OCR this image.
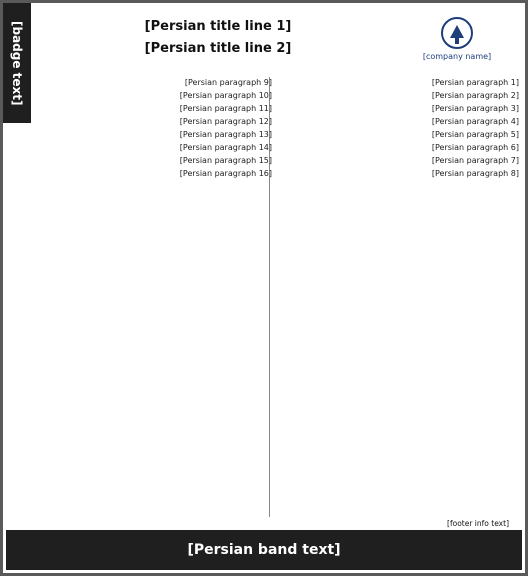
[badge text]	[Persian title line 1]
[Persian title line 2]	[company name]

[Persian paragraph 1]

[Persian paragraph 2]

[Persian paragraph 3]

[Persian paragraph 4]

[Persian paragraph 5]

[Persian paragraph 6]

[Persian paragraph 7]

[Persian paragraph 8]

[Persian paragraph 9]

[Persian paragraph 10]

[Persian paragraph 11]

[Persian paragraph 12]

[Persian paragraph 13]

[Persian paragraph 14]

[Persian paragraph 15]

[Persian paragraph 16]

[footer info text]
[Persian band text]
